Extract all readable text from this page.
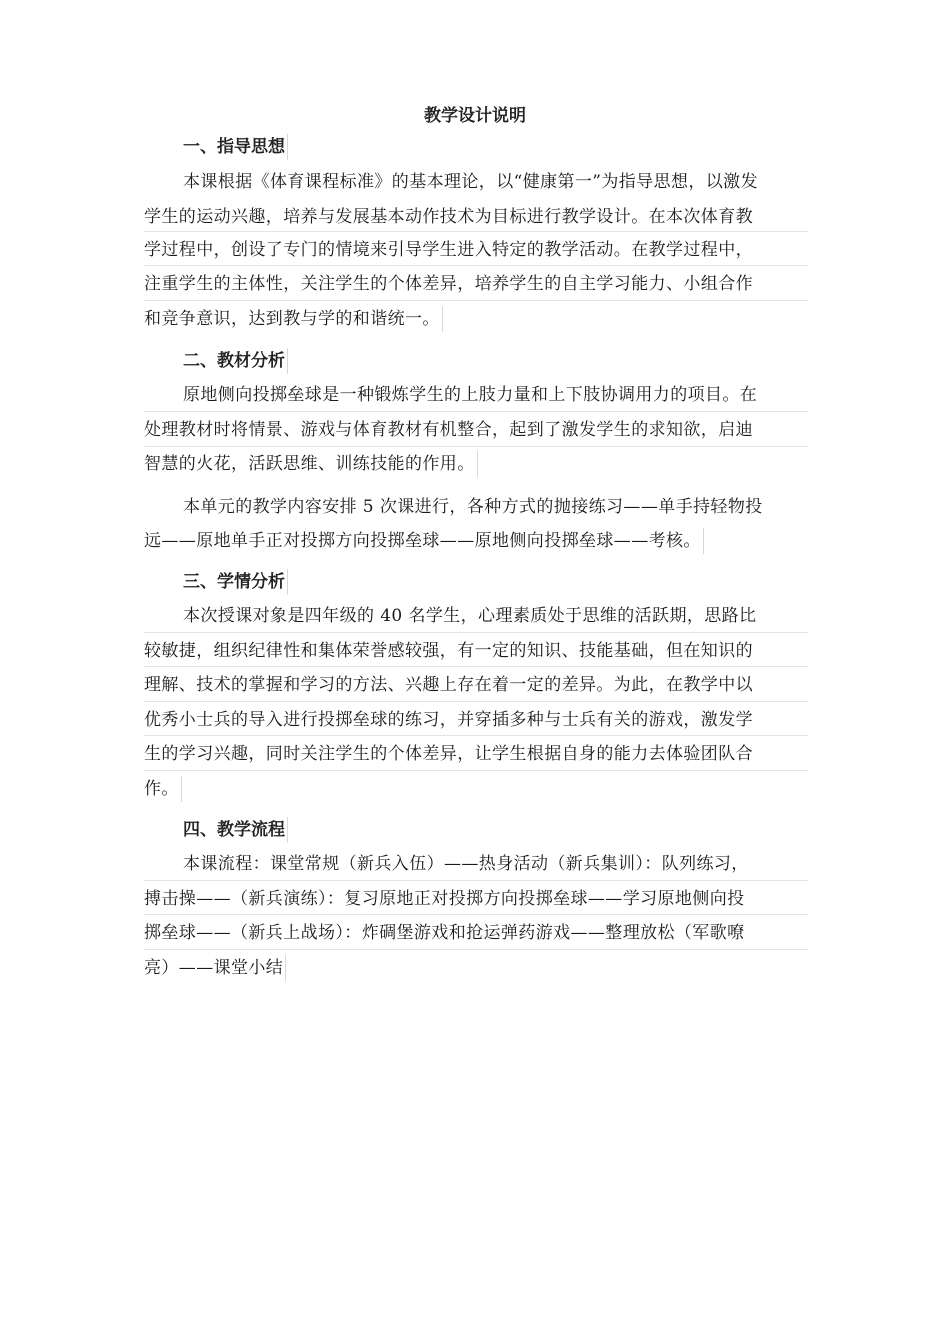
教学设计说明
一、指导思想
本课根据《体育课程标准》的基本理论，以“健康第一”为指导思想，以激发
学生的运动兴趣，培养与发展基本动作技术为目标进行教学设计。在本次体育教
学过程中，创设了专门的情境来引导学生进入特定的教学活动。在教学过程中，
注重学生的主体性，关注学生的个体差异，培养学生的自主学习能力、小组合作
和竞争意识，达到教与学的和谐统一。
二、教材分析
原地侧向投掷垒球是一种锻炼学生的上肢力量和上下肢协调用力的项目。在
处理教材时将情景、游戏与体育教材有机整合，起到了激发学生的求知欲，启迪
智慧的火花，活跃思维、训练技能的作用。
本单元的教学内容安排 5 次课进行，各种方式的抛接练习——单手持轻物投
远——原地单手正对投掷方向投掷垒球——原地侧向投掷垒球——考核。
三、学情分析
本次授课对象是四年级的 40 名学生，心理素质处于思维的活跃期，思路比
较敏捷，组织纪律性和集体荣誉感较强，有一定的知识、技能基础，但在知识的
理解、技术的掌握和学习的方法、兴趣上存在着一定的差异。为此，在教学中以
优秀小士兵的导入进行投掷垒球的练习，并穿插多种与士兵有关的游戏，激发学
生的学习兴趣，同时关注学生的个体差异，让学生根据自身的能力去体验团队合
作。
四、教学流程
本课流程：课堂常规（新兵入伍）——热身活动（新兵集训）：队列练习，
搏击操——（新兵演练）：复习原地正对投掷方向投掷垒球——学习原地侧向投
掷垒球——（新兵上战场）：炸碉堡游戏和抢运弹药游戏——整理放松（军歌嘹
亮）——课堂小结
